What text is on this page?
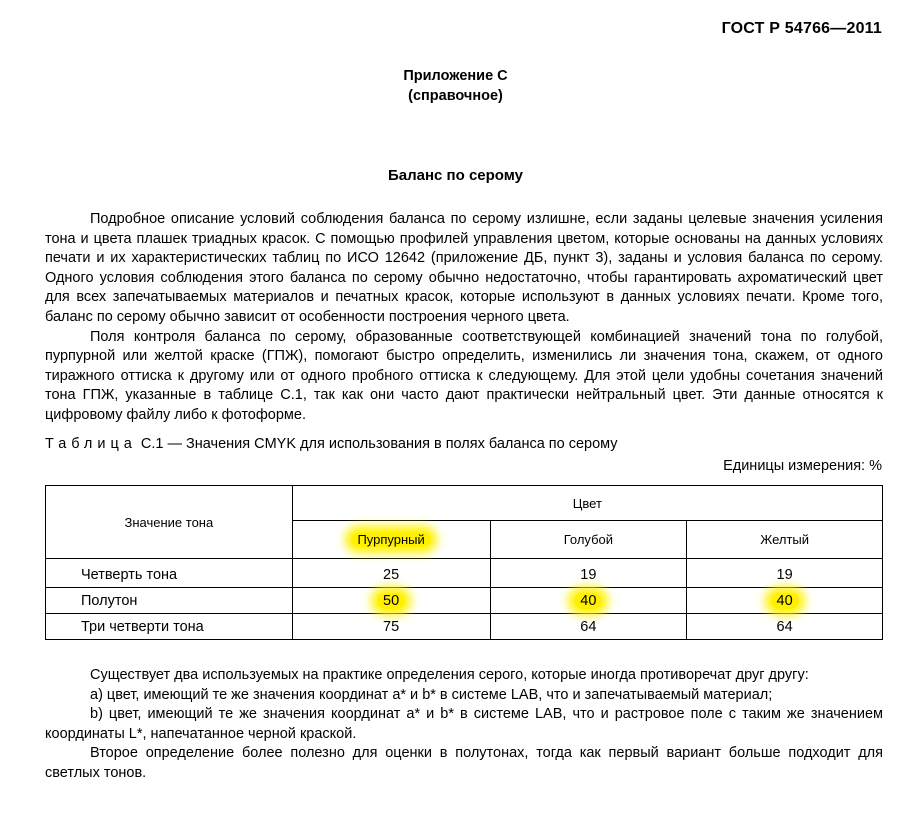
ГОСТ Р 54766—2011
Приложение С
(справочное)
Баланс по серому

Подробное описание условий соблюдения баланса по серому излишне, если заданы целевые значения усиления тона и цвета плашек триадных красок. С помощью профилей управления цветом, которые основаны на данных условиях печати и их характеристических таблиц по ИСО 12642 (приложение ДБ, пункт 3), заданы и условия баланса по серому. Одного условия соблюдения этого баланса по серому обычно недостаточно, чтобы гарантировать ахроматический цвет для всех запечатываемых материалов и печатных красок, которые используют в данных условиях печати. Кроме того, баланс по серому обычно зависит от особенности построения черного цвета.

Поля контроля баланса по серому, образованные соответствующей комбинацией значений тона по голубой, пурпурной или желтой краске (ГПЖ), помогают быстро определить, изменились ли значения тона, скажем, от одного тиражного оттиска к другому или от одного пробного оттиска к следующему. Для этой цели удобны сочетания значений тона ГПЖ, указанные в таблице С.1, так как они часто дают практически нейтральный цвет. Эти данные относятся к цифровому файлу либо к фотоформе.

Таблица С.1 — Значения CMYK для использования в полях баланса по серому
Единицы измерения: %
Значение тона	Цвет		
	Пурпурный	Голубой	Желтый
Четверть тона	25	19	19
Полутон	50	40	40
Три четверти тона	75	64	64

Существует два используемых на практике определения серого, которые иногда противоречат друг другу:

а) цвет, имеющий те же значения координат a* и b* в системе LAB, что и запечатываемый материал;

b) цвет, имеющий те же значения координат a* и b* в системе LAB, что и растровое поле с таким же значением координаты L*, напечатанное черной краской.

Второе определение более полезно для оценки в полутонах, тогда как первый вариант больше подходит для светлых тонов.
